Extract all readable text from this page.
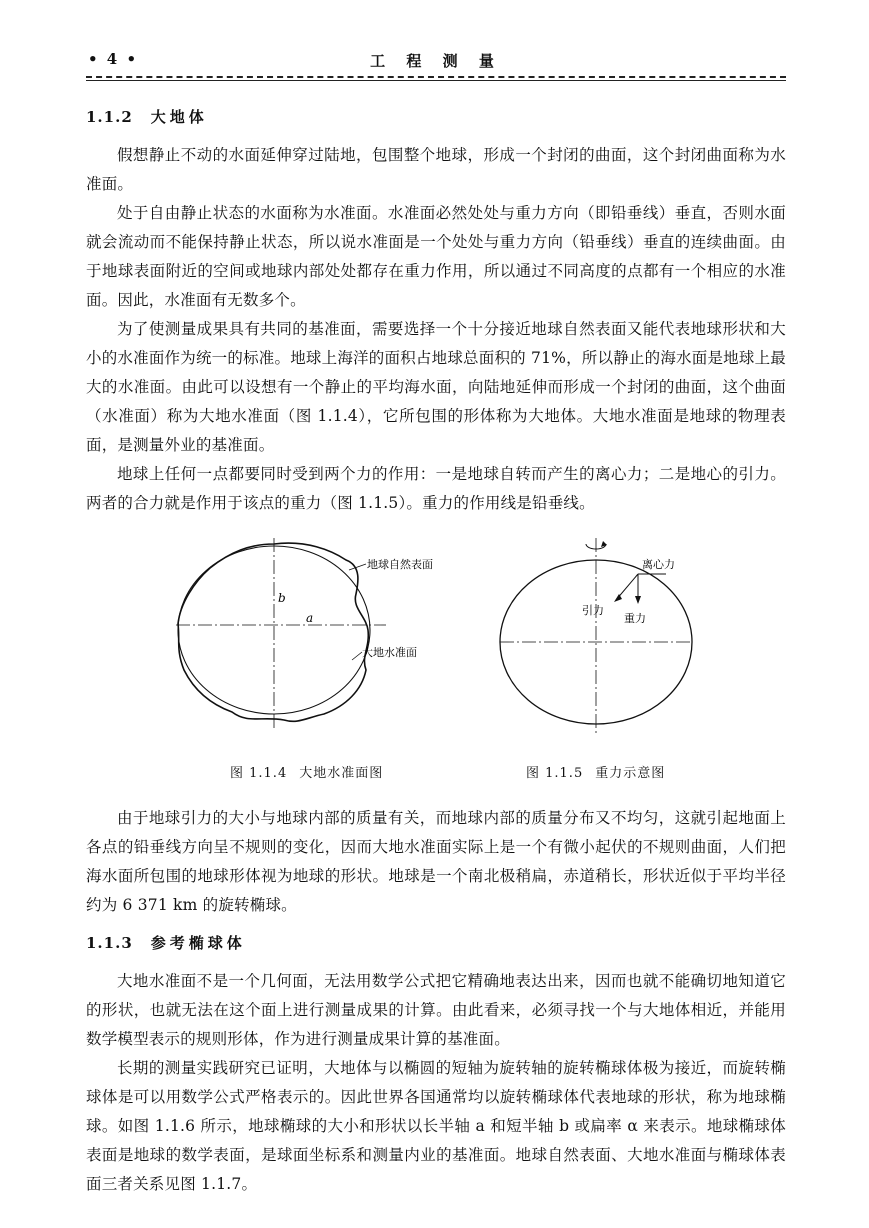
• 4 •	工 程 测 量
1.1.2 大地体

假想静止不动的水面延伸穿过陆地，包围整个地球，形成一个封闭的曲面，这个封闭曲面称为水准面。

处于自由静止状态的水面称为水准面。水准面必然处处与重力方向（即铅垂线）垂直，否则水面就会流动而不能保持静止状态，所以说水准面是一个处处与重力方向（铅垂线）垂直的连续曲面。由于地球表面附近的空间或地球内部处处都存在重力作用，所以通过不同高度的点都有一个相应的水准面。因此，水准面有无数多个。

为了使测量成果具有共同的基准面，需要选择一个十分接近地球自然表面又能代表地球形状和大小的水准面作为统一的标准。地球上海洋的面积占地球总面积的 71%，所以静止的海水面是地球上最大的水准面。由此可以设想有一个静止的平均海水面，向陆地延伸而形成一个封闭的曲面，这个曲面（水准面）称为大地水准面（图 1.1.4），它所包围的形体称为大地体。大地水准面是地球的物理表面，是测量外业的基准面。

地球上任何一点都要同时受到两个力的作用：一是地球自转而产生的离心力；二是地心的引力。两者的合力就是作用于该点的重力（图 1.1.5）。重力的作用线是铅垂线。

地球自然表面
大地水准面
b
a
离心力
引力
重力
图 1.1.4 大地水准面图	图 1.1.5 重力示意图

由于地球引力的大小与地球内部的质量有关，而地球内部的质量分布又不均匀，这就引起地面上各点的铅垂线方向呈不规则的变化，因而大地水准面实际上是一个有微小起伏的不规则曲面，人们把海水面所包围的地球形体视为地球的形状。地球是一个南北极稍扁，赤道稍长，形状近似于平均半径约为 6 371 km 的旋转椭球。

1.1.3 参考椭球体

大地水准面不是一个几何面，无法用数学公式把它精确地表达出来，因而也就不能确切地知道它的形状，也就无法在这个面上进行测量成果的计算。由此看来，必须寻找一个与大地体相近，并能用数学模型表示的规则形体，作为进行测量成果计算的基准面。

长期的测量实践研究已证明，大地体与以椭圆的短轴为旋转轴的旋转椭球体极为接近，而旋转椭球体是可以用数学公式严格表示的。因此世界各国通常均以旋转椭球体代表地球的形状，称为地球椭球。如图 1.1.6 所示，地球椭球的大小和形状以长半轴 a 和短半轴 b 或扁率 α 来表示。地球椭球体表面是地球的数学表面，是球面坐标系和测量内业的基准面。地球自然表面、大地水准面与椭球体表面三者关系见图 1.1.7。
